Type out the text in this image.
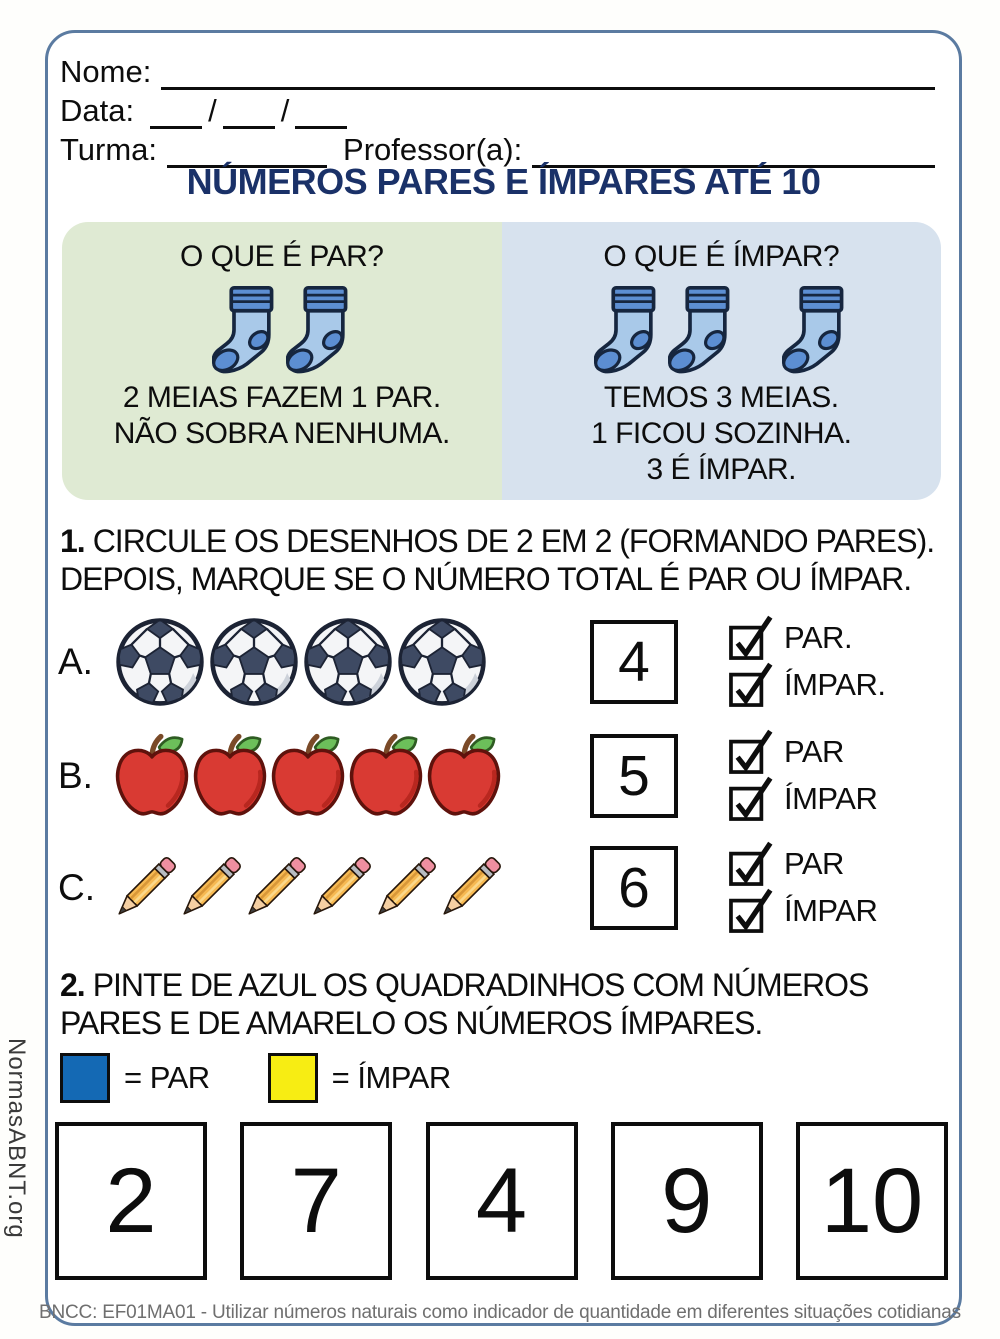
NormasABNT.org
Nome:
Data:	/ /
Turma:	Professor(a):
NÚMEROS PARES E ÍMPARES ATÉ 10
O QUE É PAR?
2 MEIAS FAZEM 1 PAR.
NÃO SOBRA NENHUMA.
O QUE É ÍMPAR?
TEMOS 3 MEIAS.
1 FICOU SOZINHA.
3 É ÍMPAR.
1. CIRCULE OS DESENHOS DE 2 EM 2 (FORMANDO PARES).
DEPOIS, MARQUE SE O NÚMERO TOTAL É PAR OU ÍMPAR.
A.	4	PAR.
ÍMPAR.
B.	5	PAR
ÍMPAR
C.	6	PAR
ÍMPAR
2. PINTE DE AZUL OS QUADRADINHOS COM NÚMEROS
PARES E DE AMARELO OS NÚMEROS ÍMPARES.
= PAR	= ÍMPAR
2	7	4	9	10
BNCC: EF01MA01 - Utilizar números naturais como indicador de quantidade em diferentes situações cotidianas
